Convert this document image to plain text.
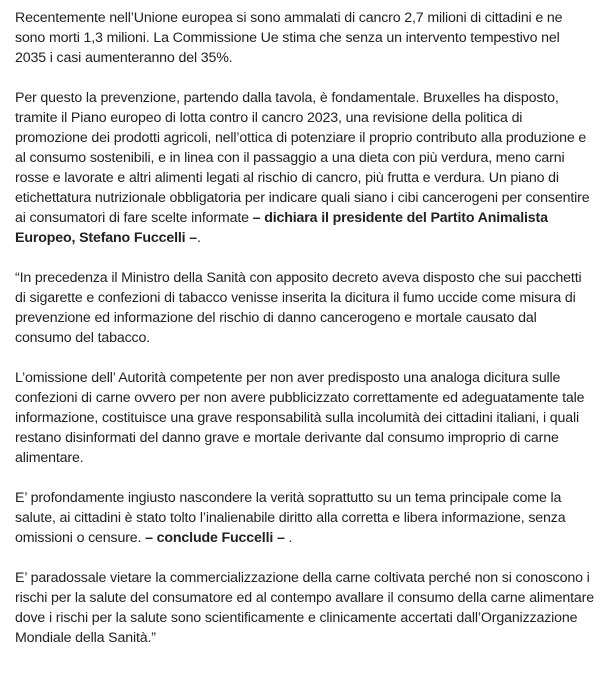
Recentemente nell’Unione europea si sono ammalati di cancro 2,7 milioni di cittadini e ne sono morti 1,3 milioni. La Commissione Ue stima che senza un intervento tempestivo nel 2035 i casi aumenteranno del 35%.

Per questo la prevenzione, partendo dalla tavola, è fondamentale. Bruxelles ha disposto, tramite il Piano europeo di lotta contro il cancro 2023, una revisione della politica di promozione dei prodotti agricoli, nell’ottica di potenziare il proprio contributo alla produzione e al consumo sostenibili, e in linea con il passaggio a una dieta con più verdura, meno carni rosse e lavorate e altri alimenti legati al rischio di cancro, più frutta e verdura. Un piano di etichettatura nutrizionale obbligatoria per indicare quali siano i cibi cancerogeni per consentire ai consumatori di fare scelte informate – dichiara il presidente del Partito Animalista Europeo, Stefano Fuccelli –.

“In precedenza il Ministro della Sanità con apposito decreto aveva disposto che sui pacchetti di sigarette e confezioni di tabacco venisse inserita la dicitura il fumo uccide come misura di prevenzione ed informazione del rischio di danno cancerogeno e mortale causato dal consumo del tabacco.

L’omissione dell’ Autorità competente per non aver predisposto una analoga dicitura sulle confezioni di carne ovvero per non avere pubblicizzato correttamente ed adeguatamente tale informazione, costituisce una grave responsabilità sulla incolumità dei cittadini italiani, i quali restano disinformati del danno grave e mortale derivante dal consumo improprio di carne alimentare.

E’ profondamente ingiusto nascondere la verità soprattutto su un tema principale come la salute, ai cittadini è stato tolto l’inalienabile diritto alla corretta e libera informazione, senza omissioni o censure. – conclude Fuccelli – .

E’ paradossale vietare la commercializzazione della carne coltivata perché non si conoscono i rischi per la salute del consumatore ed al contempo avallare il consumo della carne alimentare dove i rischi per la salute sono scientificamente e clinicamente accertati dall’Organizzazione Mondiale della Sanità.”
